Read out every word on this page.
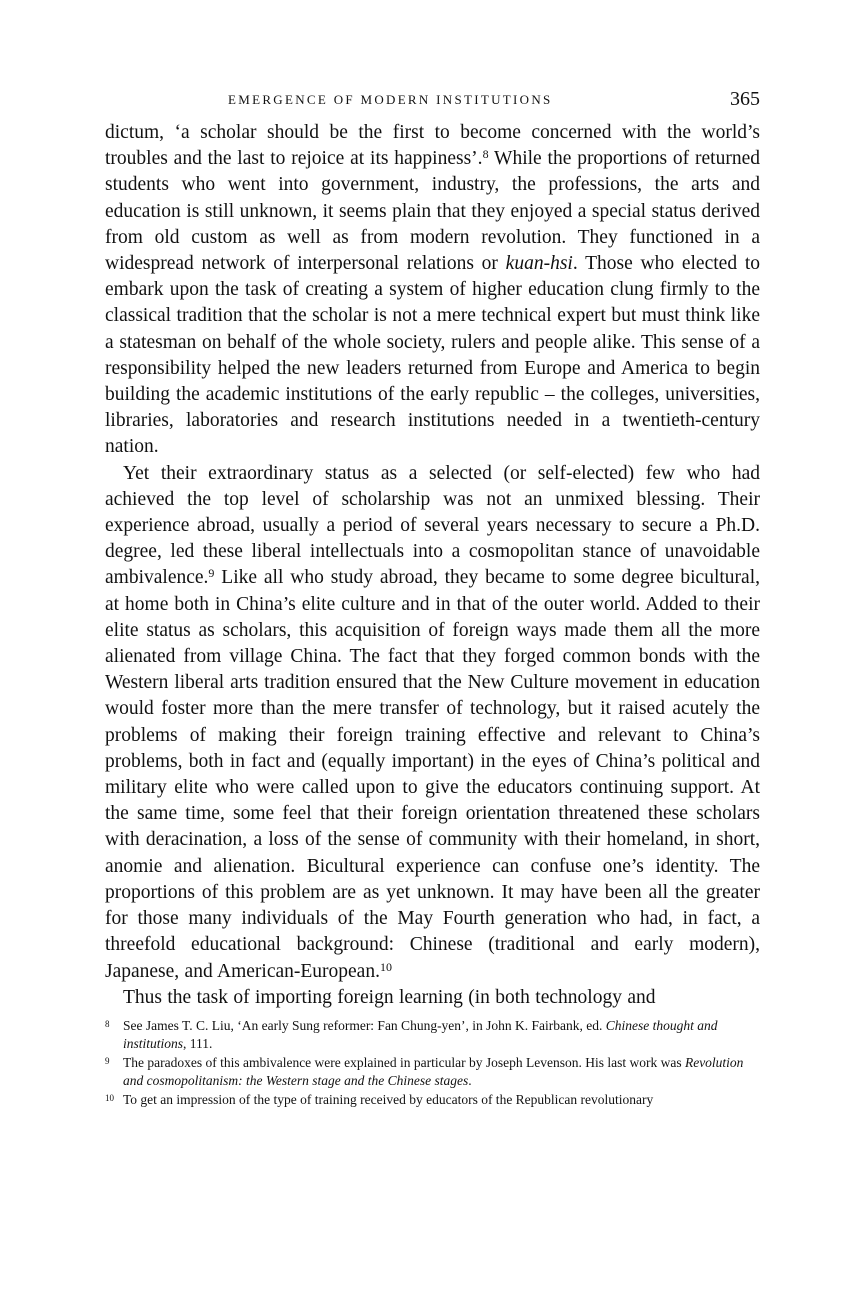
EMERGENCE OF MODERN INSTITUTIONS	365

dictum, ‘a scholar should be the first to become concerned with the world’s troubles and the last to rejoice at its happiness’.$^8$ While the proportions of returned students who went into government, industry, the professions, the arts and education is still unknown, it seems plain that they enjoyed a special status derived from old custom as well as from modern revolution. They functioned in a widespread network of interpersonal relations or kuan-hsi. Those who elected to embark upon the task of creating a system of higher education clung firmly to the classical tradition that the scholar is not a mere technical expert but must think like a statesman on behalf of the whole society, rulers and people alike. This sense of a responsibility helped the new leaders returned from Europe and America to begin building the academic institutions of the early republic – the colleges, universities, libraries, laboratories and research institutions needed in a twentieth-century nation.

Yet their extraordinary status as a selected (or self-elected) few who had achieved the top level of scholarship was not an unmixed blessing. Their experience abroad, usually a period of several years necessary to secure a Ph.D. degree, led these liberal intellectuals into a cosmopolitan stance of unavoidable ambivalence.$^9$ Like all who study abroad, they became to some degree bicultural, at home both in China’s elite culture and in that of the outer world. Added to their elite status as scholars, this acquisition of foreign ways made them all the more alienated from village China. The fact that they forged common bonds with the Western liberal arts tradition ensured that the New Culture movement in education would foster more than the mere transfer of technology, but it raised acutely the problems of making their foreign training effective and relevant to China’s problems, both in fact and (equally important) in the eyes of China’s political and military elite who were called upon to give the educators continuing support. At the same time, some feel that their foreign orientation threatened these scholars with deracination, a loss of the sense of community with their homeland, in short, anomie and alienation. Bicultural experience can confuse one’s identity. The proportions of this problem are as yet unknown. It may have been all the greater for those many individuals of the May Fourth generation who had, in fact, a threefold educational background: Chinese (traditional and early modern), Japanese, and American-European.$^{10}$

Thus the task of importing foreign learning (in both technology and

8 See James T. C. Liu, ‘An early Sung reformer: Fan Chung-yen’, in John K. Fairbank, ed. Chinese thought and institutions, 111.
9 The paradoxes of this ambivalence were explained in particular by Joseph Levenson. His last work was Revolution and cosmopolitanism: the Western stage and the Chinese stages.
10 To get an impression of the type of training received by educators of the Republican revolutionary
